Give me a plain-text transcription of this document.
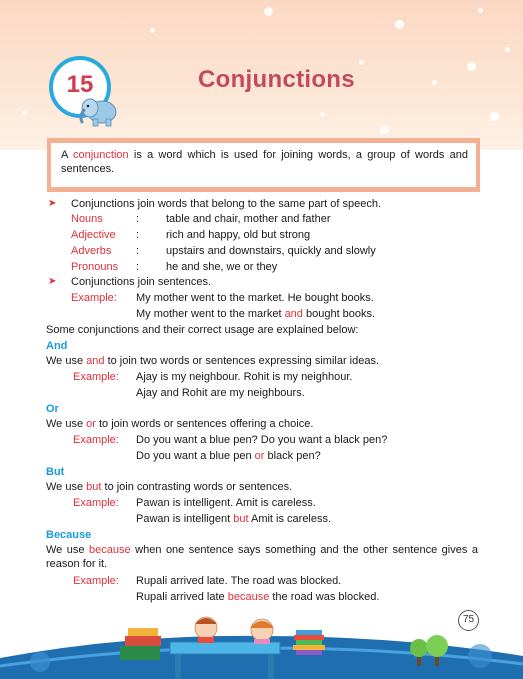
15	Conjunctions
A conjunction is a word which is used for joining words, a group of words and sentences.
➤ Conjunctions join words that belong to the same part of speech.
Nouns	: table and chair, mother and father
Adjective : rich and happy, old but strong
Adverbs : upstairs and downstairs, quickly and slowly
Pronouns : he and she, we or they
➤ Conjunctions join sentences.
Example: My mother went to the market. He bought books.
My mother went to the market and bought books.
Some conjunctions and their correct usage are explained below:
And
We use and to join two words or sentences expressing similar ideas.
Example: Ajay is my neighbour. Rohit is my neighhour.
Ajay and Rohit are my neighbours.
Or
We use or to join words or sentences offering a choice.
Example: Do you want a blue pen? Do you want a black pen?
Do you want a blue pen or black pen?
But
We use but to join contrasting words or sentences.
Example: Pawan is intelligent. Amit is careless.
Pawan is intelligent but Amit is careless.
Because
We use because when one sentence says something and the other sentence gives a reason for it.
Example: Rupali arrived late. The road was blocked.
Rupali arrived late because the road was blocked.
75
